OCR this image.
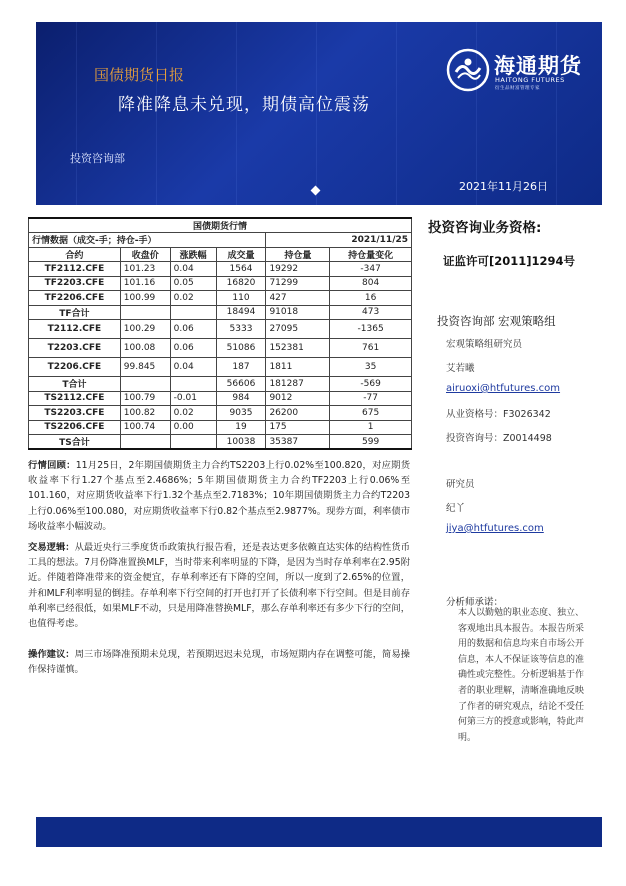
国债期货日报
降准降息未兑现，期债高位震荡
投资咨询部
2021年11月26日
海通期货
HAITONG FUTURES
衍生品财富管理专家
国债期货行情					
行情数据（成交-手；持仓-手）				2021/11/25	
合约	收盘价	涨跌幅	成交量	持仓量	持仓量变化
TF2112.CFE	101.23	0.04	1564	19292	-347
TF2203.CFE	101.16	0.05	16820	71299	804
TF2206.CFE	100.99	0.02	110	427	16
TF合计			18494	91018	473
T2112.CFE	100.29	0.06	5333	27095	-1365
T2203.CFE	100.08	0.06	51086	152381	761
T2206.CFE	99.845	0.04	187	1811	35
T合计			56606	181287	-569
TS2112.CFE	100.79	-0.01	984	9012	-77
TS2203.CFE	100.82	0.02	9035	26200	675
TS2206.CFE	100.74	0.00	19	175	1
TS合计			10038	35387	599
投资咨询业务资格:
证监许可[2011]1294号
投资咨询部 宏观策略组
宏观策略组研究员
艾若曦
airuoxi@htfutures.com
从业资格号：F3026342
投资咨询号：Z0014498
研究员
纪丫
jiya@htfutures.com
分析师承诺：
本人以勤勉的职业态度、独立、客观地出具本报告。本报告所采用的数据和信息均来自市场公开信息，本人不保证该等信息的准确性或完整性。分析逻辑基于作者的职业理解，清晰准确地反映了作者的研究观点，结论不受任何第三方的授意或影响，特此声明。
行情回顾：11月25日，2年期国债期货主力合约TS2203上行0.02%至100.820，对应期货收益率下行1.27个基点至2.4686%；5年期国债期货主力合约TF2203上行0.06%至101.160，对应期货收益率下行1.32个基点至2.7183%；10年期国债期货主力合约T2203上行0.06%至100.080，对应期货收益率下行0.82个基点至2.9877%。现券方面，利率债市场收益率小幅波动。
交易逻辑：从最近央行三季度货币政策执行报告看，还是表达更多依赖直达实体的结构性货币工具的想法。7月份降准置换MLF，当时带来利率明显的下降，是因为当时存单利率在2.95附近。伴随着降准带来的资金便宜，存单利率还有下降的空间，所以一度到了2.65%的位置，并和MLF利率明显的倒挂。存单利率下行空间的打开也打开了长债利率下行空间。但是目前存单利率已经很低，如果MLF不动，只是用降准替换MLF，那么存单利率还有多少下行的空间，也值得考虑。
操作建议：周三市场降准预期未兑现，若预期迟迟未兑现，市场短期内存在调整可能，简易操作保持谨慎。
